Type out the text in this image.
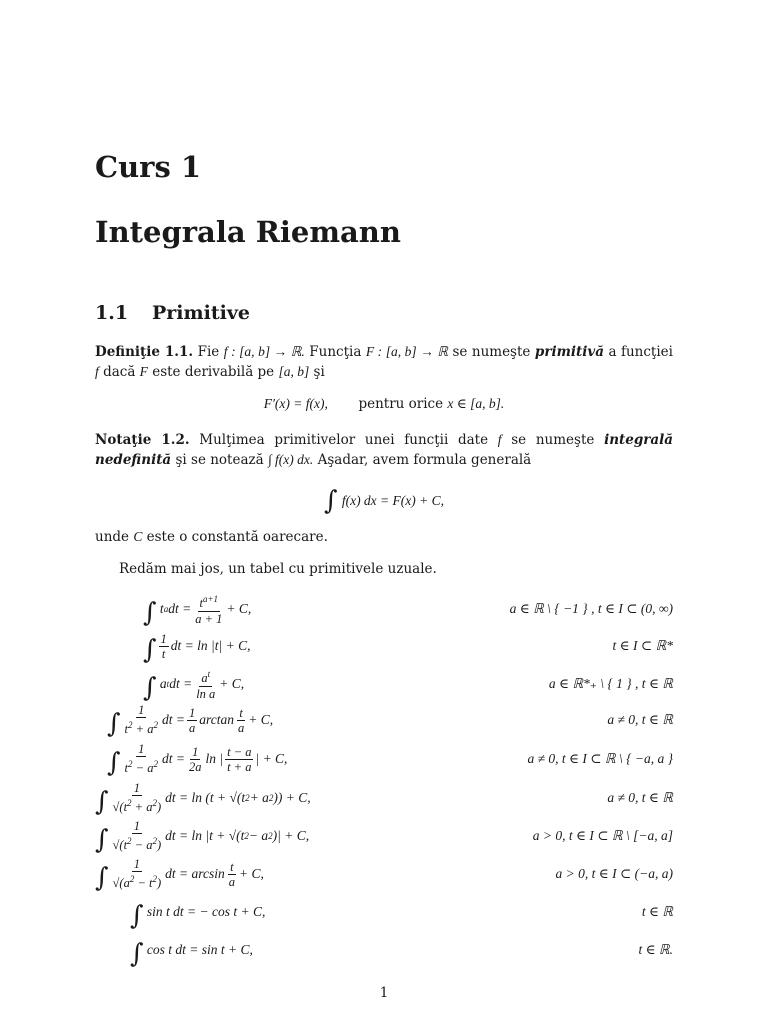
Curs 1
Integrala Riemann
1.1 Primitive
Definiţie 1.1. Fie f : [a, b] → ℝ. Funcţia F : [a, b] → ℝ se numeşte primitivă a funcţiei f dacă F este derivabilă pe [a, b] şi
F′(x) = f(x), pentru orice x ∈ [a, b].
Notaţie 1.2. Mulţimea primitivelor unei funcţii date f se numeşte integrală nedefinită şi se notează ∫ f(x) dx. Aşadar, avem formula generală
∫ f(x) dx = F(x) + C,
unde C este o constantă oarecare.
Redăm mai jos, un tabel cu primitivele uzuale.
∫ $t^a$ dt = $\frac{t^{a+1}}{a + 1} + C$,	a ∈ ℝ \ { −1 } , t ∈ I ⊂ (0, ∞)
∫ $\frac{1}{t}$ dt = ln |t| + C,	t ∈ I ⊂ ℝ*
∫ $a^t$ dt = $\frac{a^t}{\text{ln a}} + C$,	a ∈ ℝ*₊ \ { 1 } , t ∈ ℝ
∫ $\frac{1}{t^2 + a^2}$ dt = $\frac{1}{a}$ $\arctan \frac{t}{a} + C$,	a ≠ 0, t ∈ ℝ
∫ $\frac{1}{t^2 - a^2}$ dt = $\frac{1}{2a}$ ln | $\frac{t - a}{t + a}$ | + C,	a ≠ 0, t ∈ I ⊂ ℝ \ { −a, a }
∫ $\frac{1}{√(t^2 + a^2)}$ dt = ln (t + √(t 2 + a 2 )) + C,	a ≠ 0, t ∈ ℝ
∫ $\frac{1}{√(t^2 - a^2)}$ dt = ln |t + √(t 2 − a 2 )| + C,	a > 0, t ∈ I ⊂ ℝ \ [−a, a]
∫ $\frac{1}{√(a^2 - t^2)}$ dt = $\arcsin \frac{t}{a} + C$,	a > 0, t ∈ I ⊂ (−a, a)
∫ sin t dt = − cos t + C,	t ∈ ℝ
∫ cos t dt = sin t + C,	t ∈ ℝ.
1
